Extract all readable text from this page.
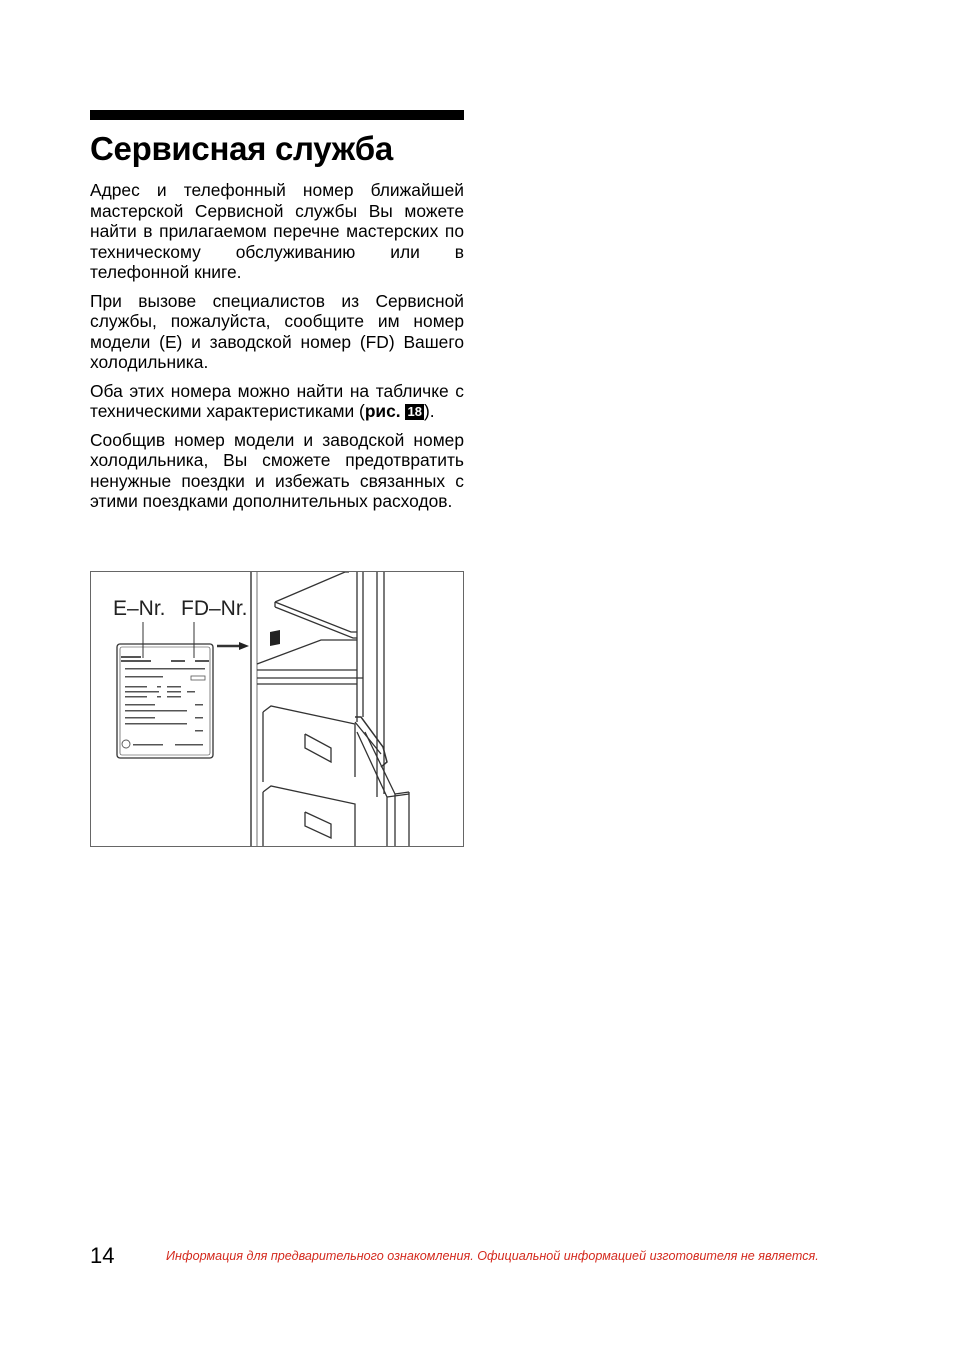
Сервисная служба

Адрес и телефонный номер ближайшей мастерской Сервисной службы Вы можете найти в прилагаемом перечне мастерских по техническому обслуживанию или в телефонной книге.

При вызове специалистов из Сервисной службы, пожалуйста, сообщите им номер модели (E) и заводской номер (FD) Вашего холодильника.

Оба этих номера можно найти на табличке с техническими характеристиками (рис. 18 ).

Сообщив номер модели и заводской номер холодильника, Вы сможете предотвратить ненужные поездки и избежать связанных с этими поездками дополнительных расходов.

E–Nr. FD–Nr.
14	Информация для предварительного ознакомления. Официальной информацией изготовителя не является.
